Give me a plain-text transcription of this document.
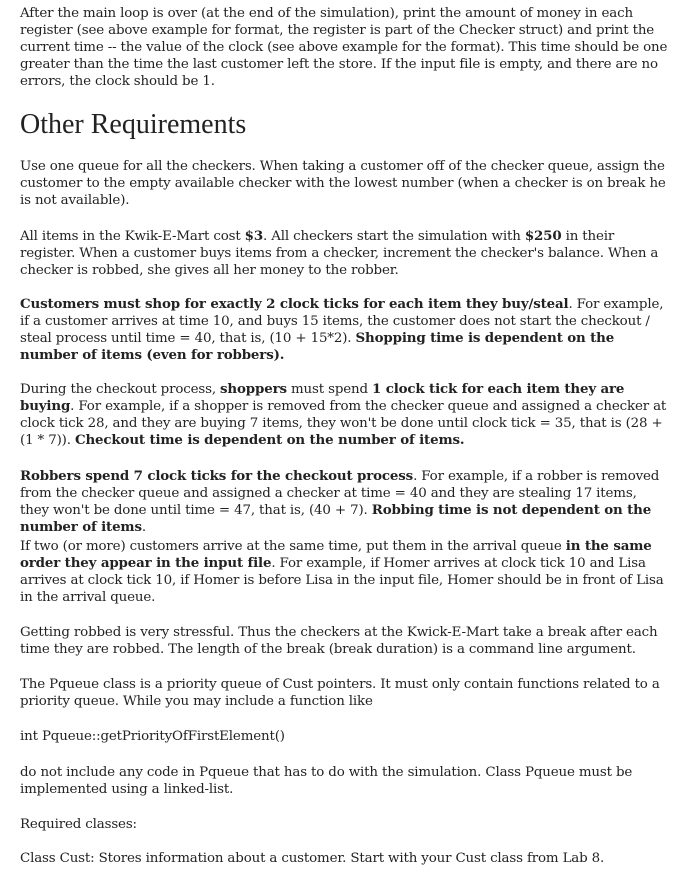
After the main loop is over (at the end of the simulation), print the amount of money in each register (see above example for format, the register is part of the Checker struct) and print the current time -- the value of the clock (see above example for the format). This time should be one greater than the time the last customer left the store. If the input file is empty, and there are no errors, the clock should be 1.

Other Requirements

Use one queue for all the checkers. When taking a customer off of the checker queue, assign the customer to the empty available checker with the lowest number (when a checker is on break he is not available).

All items in the Kwik-E-Mart cost $3. All checkers start the simulation with $250 in their register. When a customer buys items from a checker, increment the checker's balance. When a checker is robbed, she gives all her money to the robber.

Customers must shop for exactly 2 clock ticks for each item they buy/steal. For example, if a customer arrives at time 10, and buys 15 items, the customer does not start the checkout / steal process until time = 40, that is, (10 + 15*2). Shopping time is dependent on the number of items (even for robbers).

During the checkout process, shoppers must spend 1 clock tick for each item they are buying. For example, if a shopper is removed from the checker queue and assigned a checker at clock tick 28, and they are buying 7 items, they won't be done until clock tick = 35, that is (28 + (1 * 7)). Checkout time is dependent on the number of items.

Robbers spend 7 clock ticks for the checkout process. For example, if a robber is removed from the checker queue and assigned a checker at time = 40 and they are stealing 17 items, they won't be done until time = 47, that is, (40 + 7). Robbing time is not dependent on the number of items.

If two (or more) customers arrive at the same time, put them in the arrival queue in the same order they appear in the input file. For example, if Homer arrives at clock tick 10 and Lisa arrives at clock tick 10, if Homer is before Lisa in the input file, Homer should be in front of Lisa in the arrival queue.

Getting robbed is very stressful. Thus the checkers at the Kwick-E-Mart take a break after each time they are robbed. The length of the break (break duration) is a command line argument.

The Pqueue class is a priority queue of Cust pointers. It must only contain functions related to a priority queue. While you may include a function like

int Pqueue::getPriorityOfFirstElement()

do not include any code in Pqueue that has to do with the simulation. Class Pqueue must be implemented using a linked-list.

Required classes:

Class Cust: Stores information about a customer. Start with your Cust class from Lab 8.
